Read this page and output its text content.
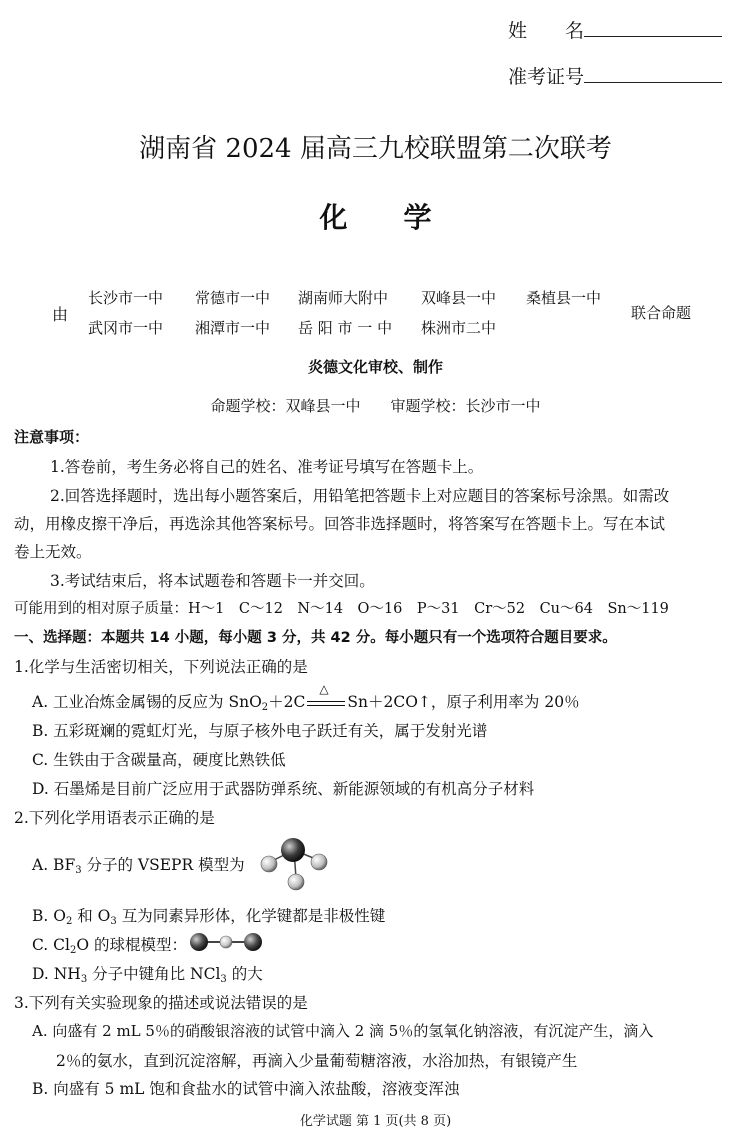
姓　　名
准考证号
湖南省 2024 届高三九校联盟第二次联考
化　　学
由
长沙市一中 常德市一中 湖南师大附中 双峰县一中 桑植县一中
武冈市一中 湘潭市一中 岳 阳 市 一 中 株洲市二中
联合命题
炎德文化审校、制作
命题学校：双峰县一中　　审题学校：长沙市一中
注意事项：
1.答卷前，考生务必将自己的姓名、准考证号填写在答题卡上。
2.回答选择题时，选出每小题答案后，用铅笔把答题卡上对应题目的答案标号涂黑。如需改
动，用橡皮擦干净后，再选涂其他答案标号。回答非选择题时，将答案写在答题卡上。写在本试
卷上无效。
3.考试结束后，将本试题卷和答题卡一并交回。
可能用到的相对原子质量：H～1　C～12　N～14　O～16　P～31　Cr～52　Cu～64　Sn～119
一、选择题：本题共 14 小题，每小题 3 分，共 42 分。每小题只有一个选项符合题目要求。
1.化学与生活密切相关，下列说法正确的是
A. 工业冶炼金属锡的反应为 SnO$_2$＋2C
△
Sn＋2CO↑，原子利用率为 20％
B. 五彩斑斓的霓虹灯光，与原子核外电子跃迁有关，属于发射光谱
C. 生铁由于含碳量高，硬度比熟铁低
D. 石墨烯是目前广泛应用于武器防弹系统、新能源领域的有机高分子材料
2.下列化学用语表示正确的是
A. $BF_3$ 分子的 VSEPR 模型为
B. $O_2$ 和 $O_3$ 互为同素异形体，化学键都是非极性键
C. $Cl_2O$ 的球棍模型：
D. $NH_3$ 分子中键角比 NCl$_3$ 的大
3.下列有关实验现象的描述或说法错误的是
A. 向盛有 2 mL 5％的硝酸银溶液的试管中滴入 2 滴 5％的氢氧化钠溶液，有沉淀产生，滴入
2％的氨水，直到沉淀溶解，再滴入少量葡萄糖溶液，水浴加热，有银镜产生
B. 向盛有 5 mL 饱和食盐水的试管中滴入浓盐酸，溶液变浑浊
化学试题 第 1 页(共 8 页)
